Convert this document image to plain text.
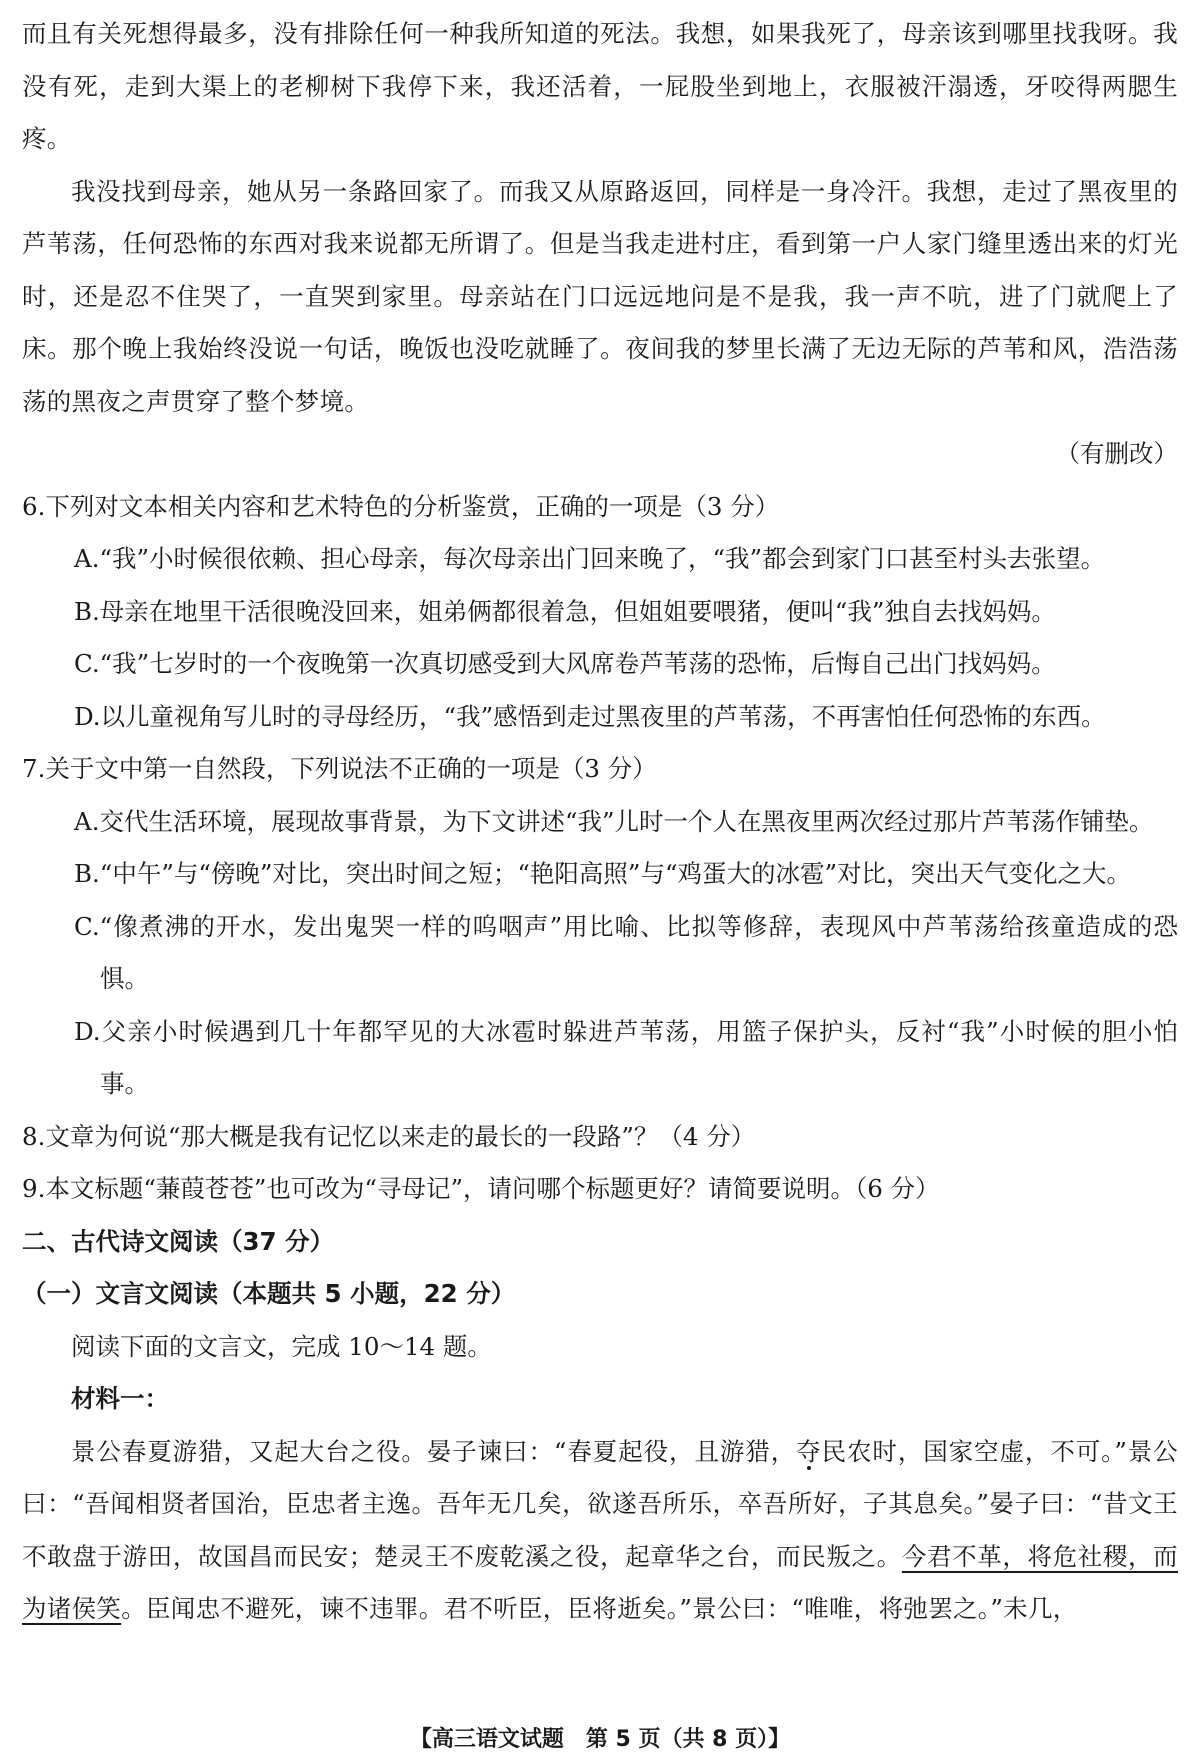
而且有关死想得最多，没有排除任何一种我所知道的死法。我想，如果我死了，母亲该到哪里找我呀。我没有死，走到大渠上的老柳树下我停下来，我还活着，一屁股坐到地上，衣服被汗溻透，牙咬得两腮生疼。

我没找到母亲，她从另一条路回家了。而我又从原路返回，同样是一身冷汗。我想，走过了黑夜里的芦苇荡，任何恐怖的东西对我来说都无所谓了。但是当我走进村庄，看到第一户人家门缝里透出来的灯光时，还是忍不住哭了，一直哭到家里。母亲站在门口远远地问是不是我，我一声不吭，进了门就爬上了床。那个晚上我始终没说一句话，晚饭也没吃就睡了。夜间我的梦里长满了无边无际的芦苇和风，浩浩荡荡的黑夜之声贯穿了整个梦境。

（有删改）

6.下列对文本相关内容和艺术特色的分析鉴赏，正确的一项是（3 分）

A.“我”小时候很依赖、担心母亲，每次母亲出门回来晚了，“我”都会到家门口甚至村头去张望。

B.母亲在地里干活很晚没回来，姐弟俩都很着急，但姐姐要喂猪，便叫“我”独自去找妈妈。

C.“我”七岁时的一个夜晚第一次真切感受到大风席卷芦苇荡的恐怖，后悔自己出门找妈妈。

D.以儿童视角写儿时的寻母经历，“我”感悟到走过黑夜里的芦苇荡，不再害怕任何恐怖的东西。

7.关于文中第一自然段，下列说法不正确的一项是（3 分）

A.交代生活环境，展现故事背景，为下文讲述“我”儿时一个人在黑夜里两次经过那片芦苇荡作铺垫。

B.“中午”与“傍晚”对比，突出时间之短；“艳阳高照”与“鸡蛋大的冰雹”对比，突出天气变化之大。

C.“像煮沸的开水，发出鬼哭一样的呜咽声”用比喻、比拟等修辞，表现风中芦苇荡给孩童造成的恐惧。

D.父亲小时候遇到几十年都罕见的大冰雹时躲进芦苇荡，用篮子保护头，反衬“我”小时候的胆小怕事。

8.文章为何说“那大概是我有记忆以来走的最长的一段路”？（4 分）

9.本文标题“蒹葭苍苍”也可改为“寻母记”，请问哪个标题更好？请简要说明。（6 分）

二、古代诗文阅读（37 分）

（一）文言文阅读（本题共 5 小题，22 分）

阅读下面的文言文，完成 10～14 题。

材料一：

景公春夏游猎，又起大台之役。晏子谏曰：“春夏起役，且游猎，夺民农时，国家空虚，不可。”景公曰：“吾闻相贤者国治，臣忠者主逸。吾年无几矣，欲遂吾所乐，卒吾所好，子其息矣。”晏子曰：“昔文王不敢盘于游田，故国昌而民安；楚灵王不废乾溪之役，起章华之台，而民叛之。今君不革，将危社稷，而为诸侯笑。臣闻忠不避死，谏不违罪。君不听臣，臣将逝矣。”景公曰：“唯唯，将弛罢之。”未几，

【高三语文试题　第 5 页（共 8 页）】
